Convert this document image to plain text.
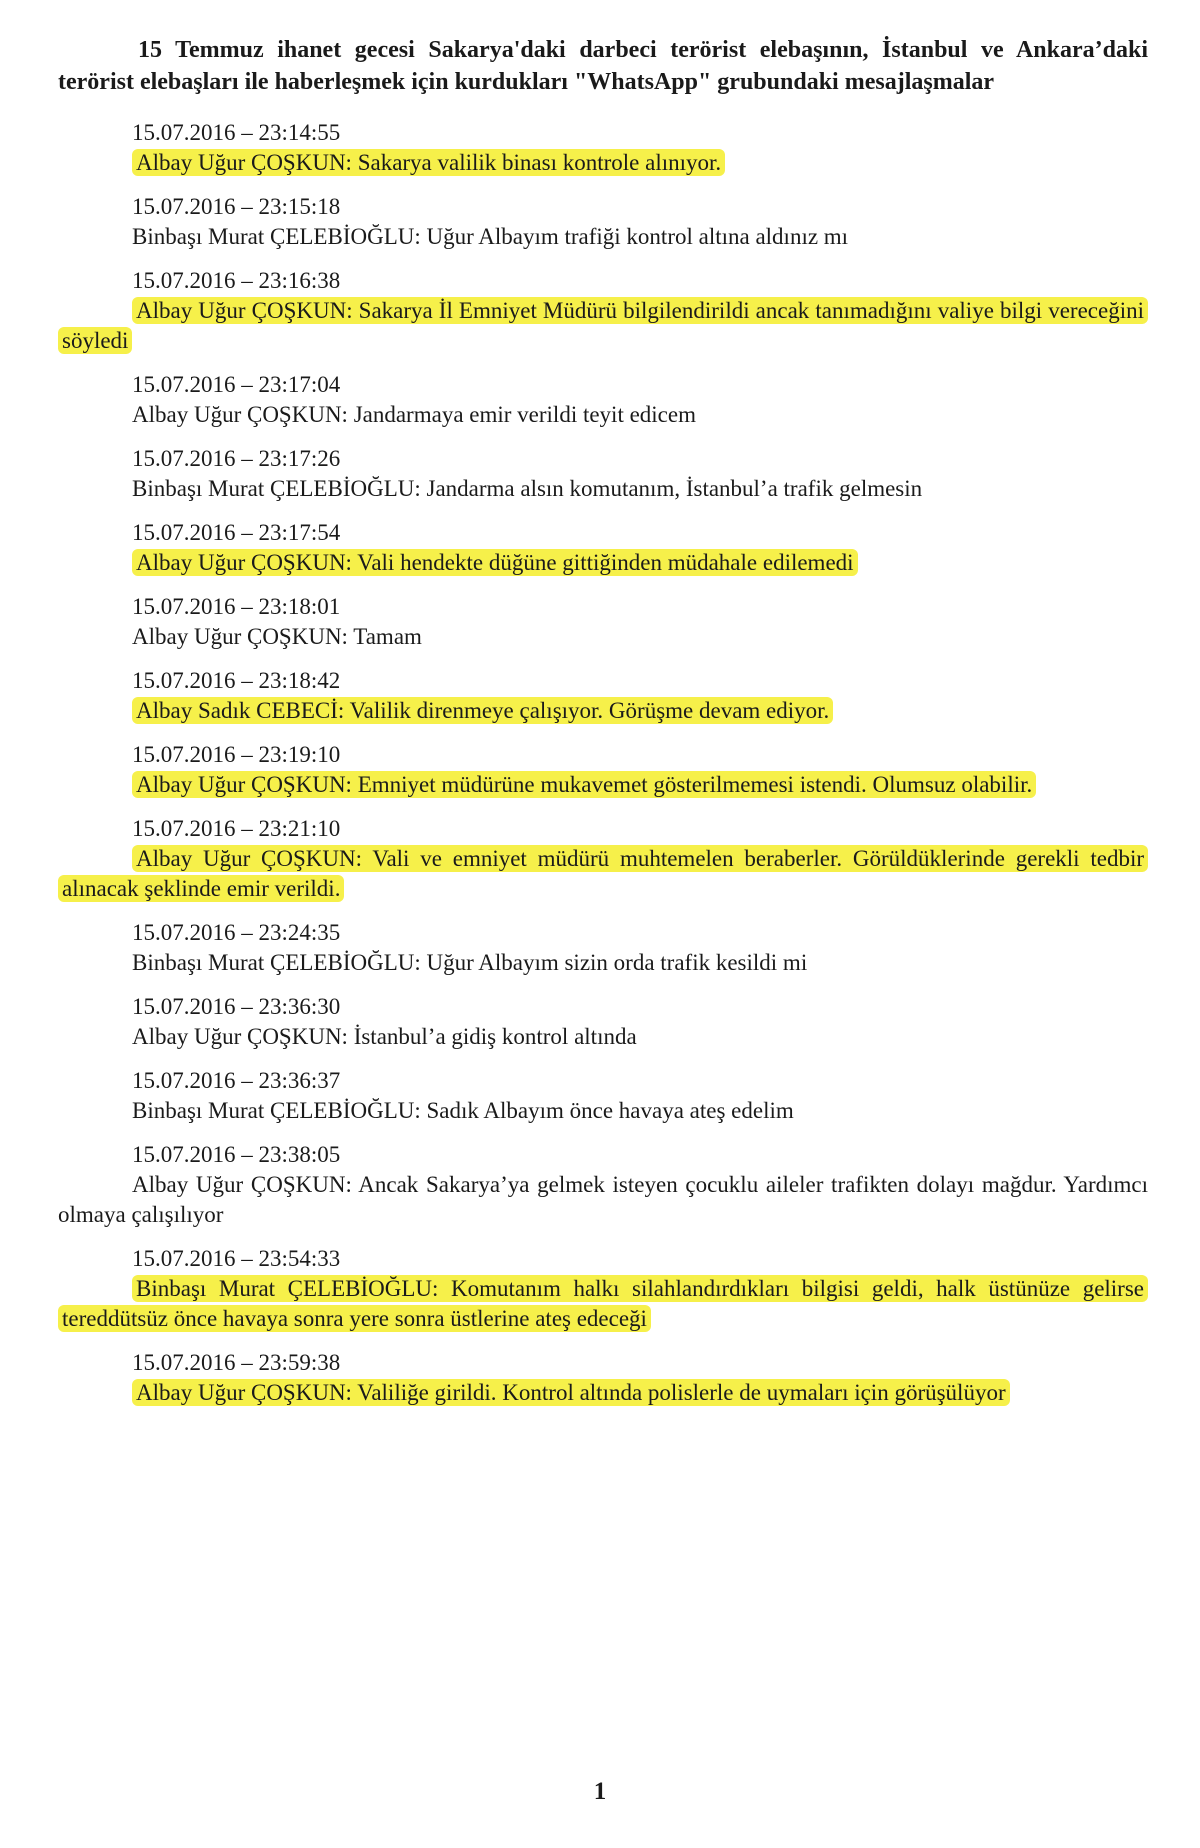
15 Temmuz ihanet gecesi Sakarya'daki darbeci terörist elebaşının, İstanbul ve Ankara’daki terörist elebaşları ile haberleşmek için kurdukları "WhatsApp" grubundaki mesajlaşmalar

15.07.2016 – 23:14:55

Albay Uğur ÇOŞKUN: Sakarya valilik binası kontrole alınıyor.

15.07.2016 – 23:15:18

Binbaşı Murat ÇELEBİOĞLU: Uğur Albayım trafiği kontrol altına aldınız mı

15.07.2016 – 23:16:38

Albay Uğur ÇOŞKUN: Sakarya İl Emniyet Müdürü bilgilendirildi ancak tanımadığını valiye bilgi vereceğini söyledi

15.07.2016 – 23:17:04

Albay Uğur ÇOŞKUN: Jandarmaya emir verildi teyit edicem

15.07.2016 – 23:17:26

Binbaşı Murat ÇELEBİOĞLU: Jandarma alsın komutanım, İstanbul’a trafik gelmesin

15.07.2016 – 23:17:54

Albay Uğur ÇOŞKUN: Vali hendekte düğüne gittiğinden müdahale edilemedi

15.07.2016 – 23:18:01

Albay Uğur ÇOŞKUN: Tamam

15.07.2016 – 23:18:42

Albay Sadık CEBECİ: Valilik direnmeye çalışıyor. Görüşme devam ediyor.

15.07.2016 – 23:19:10

Albay Uğur ÇOŞKUN: Emniyet müdürüne mukavemet gösterilmemesi istendi. Olumsuz olabilir.

15.07.2016 – 23:21:10

Albay Uğur ÇOŞKUN: Vali ve emniyet müdürü muhtemelen beraberler. Görüldüklerinde gerekli tedbir alınacak şeklinde emir verildi.

15.07.2016 – 23:24:35

Binbaşı Murat ÇELEBİOĞLU: Uğur Albayım sizin orda trafik kesildi mi

15.07.2016 – 23:36:30

Albay Uğur ÇOŞKUN: İstanbul’a gidiş kontrol altında

15.07.2016 – 23:36:37

Binbaşı Murat ÇELEBİOĞLU: Sadık Albayım önce havaya ateş edelim

15.07.2016 – 23:38:05

Albay Uğur ÇOŞKUN: Ancak Sakarya’ya gelmek isteyen çocuklu aileler trafikten dolayı mağdur. Yardımcı olmaya çalışılıyor

15.07.2016 – 23:54:33

Binbaşı Murat ÇELEBİOĞLU: Komutanım halkı silahlandırdıkları bilgisi geldi, halk üstünüze gelirse tereddütsüz önce havaya sonra yere sonra üstlerine ateş edeceği

15.07.2016 – 23:59:38

Albay Uğur ÇOŞKUN: Valiliğe girildi. Kontrol altında polislerle de uymaları için görüşülüyor

1
